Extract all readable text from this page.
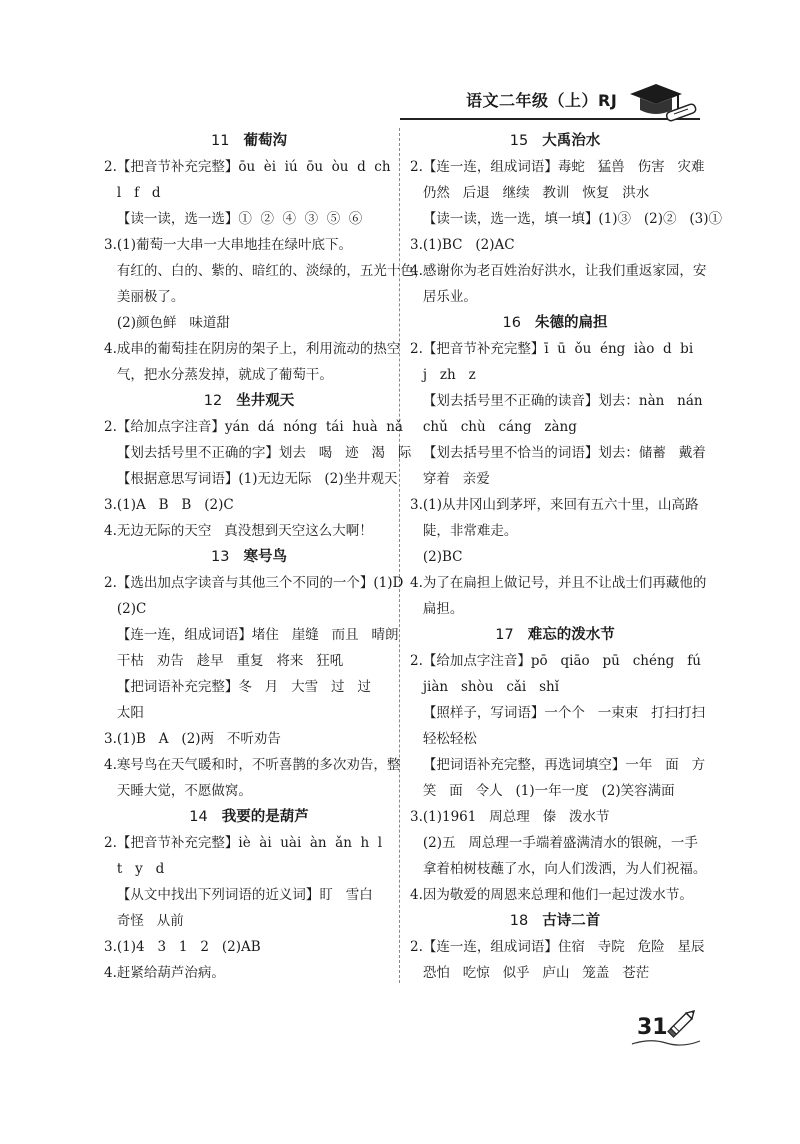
语文二年级（上）RJ
11 葡萄沟
2.【把音节补充完整】ōu  èi  iú  ōu  òu  d  ch
l   f   d
【读一读，选一选】①  ②  ④  ③  ⑤  ⑥
3.(1)葡萄一大串一大串地挂在绿叶底下。
有红的、白的、紫的、暗红的、淡绿的，五光十色，
美丽极了。
(2)颜色鲜   味道甜
4.成串的葡萄挂在阴房的架子上，利用流动的热空
气，把水分蒸发掉，就成了葡萄干。
12 坐井观天
2.【给加点字注音】yán  dá  nóng  tái  huà  nǎ
【划去括号里不正确的字】划去   喝   迹   渴   际
【根据意思写词语】(1)无边无际   (2)坐井观天
3.(1)A   B   B   (2)C
4.无边无际的天空   真没想到天空这么大啊！
13 寒号鸟
2.【选出加点字读音与其他三个不同的一个】(1)D
(2)C
【连一连，组成词语】堵住   崖缝   而且   晴朗
干枯   劝告   趁早   重复   将来   狂吼
【把词语补充完整】冬   月   大雪   过   过
太阳
3.(1)B   A   (2)两   不听劝告
4.寒号鸟在天气暖和时，不听喜鹊的多次劝告，整
天睡大觉，不愿做窝。
14 我要的是葫芦
2.【把音节补充完整】iè  ài  uài  àn  ǎn  h  l
t   y   d
【从文中找出下列词语的近义词】盯   雪白
奇怪   从前
3.(1)4   3   1   2   (2)AB
4.赶紧给葫芦治病。
15 大禹治水
2.【连一连，组成词语】毒蛇   猛兽   伤害   灾难
仍然   后退   继续   教训   恢复   洪水
【读一读，选一选，填一填】(1)③   (2)②   (3)①
3.(1)BC   (2)AC
4.感谢你为老百姓治好洪水，让我们重返家园，安
居乐业。
16 朱德的扁担
2.【把音节补充完整】ī  ū  ǒu  éng  iào  d  bi
j   zh   z
【划去括号里不正确的读音】划去：nàn   nán
chǔ   chù   cáng   zàng
【划去括号里不恰当的词语】划去：储蓄   戴着
穿着   亲爱
3.(1)从井冈山到茅坪，来回有五六十里，山高路
陡，非常难走。
(2)BC
4.为了在扁担上做记号，并且不让战士们再藏他的
扁担。
17 难忘的泼水节
2.【给加点字注音】pō   qiāo   pū   chéng   fú
jiàn   shòu   cǎi   shǐ
【照样子，写词语】一个个   一束束   打扫打扫
轻松轻松
【把词语补充完整，再选词填空】一年   面   方
笑   面   令人   (1)一年一度   (2)笑容满面
3.(1)1961   周总理   傣   泼水节
(2)五   周总理一手端着盛满清水的银碗，一手
拿着柏树枝蘸了水，向人们泼洒，为人们祝福。
4.因为敬爱的周恩来总理和他们一起过泼水节。
18 古诗二首
2.【连一连，组成词语】住宿   寺院   危险   星辰
恐怕   吃惊   似乎   庐山   笼盖   苍茫
31
